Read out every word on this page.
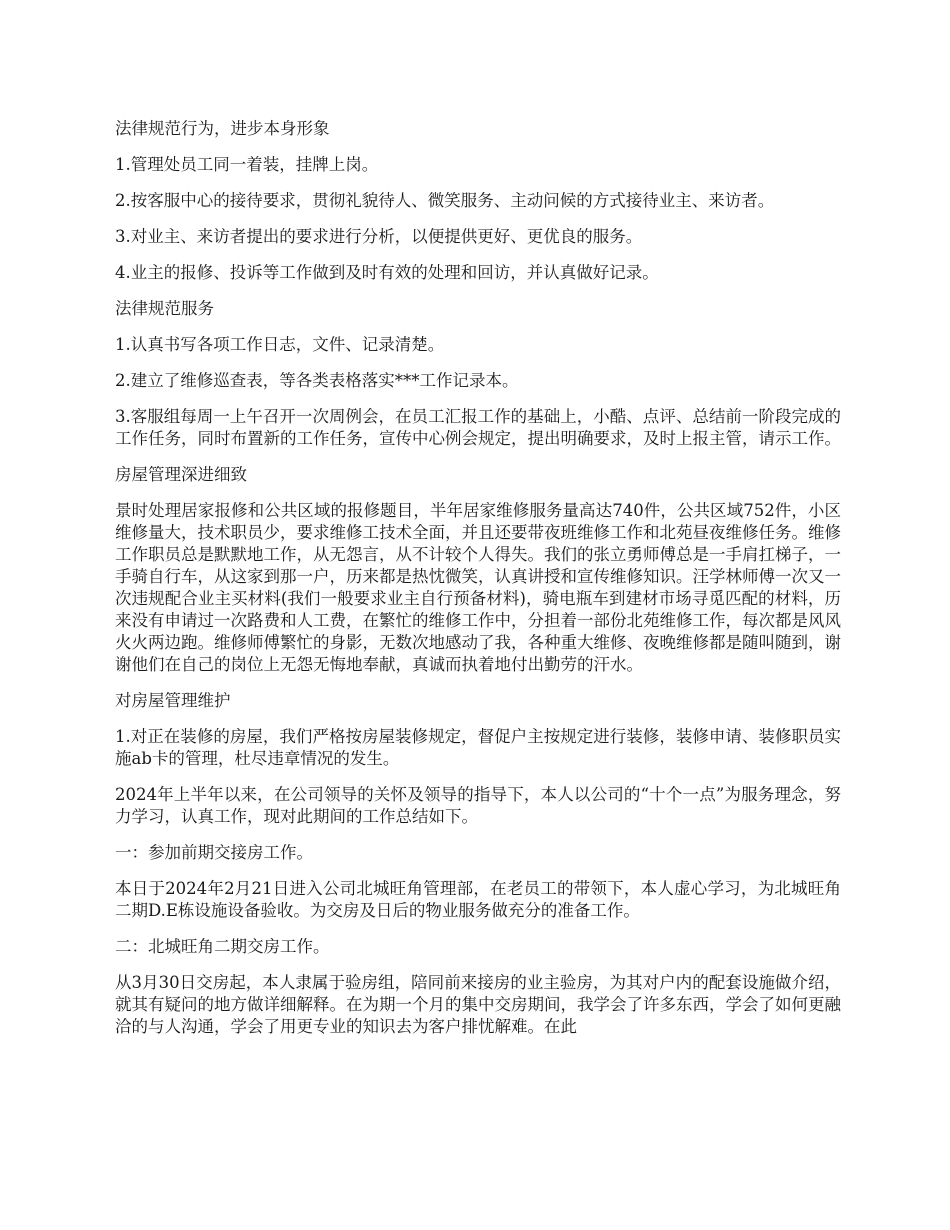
法律规范行为，进步本身形象

1.管理处员工同一着装，挂牌上岗。

2.按客服中心的接待要求，贯彻礼貌待人、微笑服务、主动问候的方式接待业主、来访者。

3.对业主、来访者提出的要求进行分析，以便提供更好、更优良的服务。

4.业主的报修、投诉等工作做到及时有效的处理和回访，并认真做好记录。

法律规范服务

1.认真书写各项工作日志，文件、记录清楚。

2.建立了维修巡查表，等各类表格落实***工作记录本。

3.客服组每周一上午召开一次周例会，在员工汇报工作的基础上，小酷、点评、总结前一阶段完成的工作任务，同时布置新的工作任务，宣传中心例会规定，提出明确要求，及时上报主管，请示工作。

房屋管理深进细致

景时处理居家报修和公共区域的报修题目，半年居家维修服务量高达740件，公共区域752件，小区维修量大，技术职员少，要求维修工技术全面，并且还要带夜班维修工作和北苑昼夜维修任务。维修工作职员总是默默地工作，从无怨言，从不计较个人得失。我们的张立勇师傅总是一手肩扛梯子，一手骑自行车，从这家到那一户，历来都是热忱微笑，认真讲授和宣传维修知识。汪学林师傅一次又一次违规配合业主买材料(我们一般要求业主自行预备材料)，骑电瓶车到建材市场寻觅匹配的材料，历来没有申请过一次路费和人工费，在繁忙的维修工作中，分担着一部份北苑维修工作，每次都是风风火火两边跑。维修师傅繁忙的身影，无数次地感动了我，各种重大维修、夜晚维修都是随叫随到，谢谢他们在自己的岗位上无怨无悔地奉献，真诚而执着地付出勤劳的汗水。

对房屋管理维护

1.对正在装修的房屋，我们严格按房屋装修规定，督促户主按规定进行装修，装修申请、装修职员实施ab卡的管理，杜尽违章情况的发生。

2024年上半年以来，在公司领导的关怀及领导的指导下，本人以公司的“十个一点”为服务理念，努力学习，认真工作，现对此期间的工作总结如下。

一：参加前期交接房工作。

本日于2024年2月21日进入公司北城旺角管理部，在老员工的带领下，本人虚心学习，为北城旺角二期D.E栋设施设备验收。为交房及日后的物业服务做充分的准备工作。

二：北城旺角二期交房工作。

从3月30日交房起，本人隶属于验房组，陪同前来接房的业主验房，为其对户内的配套设施做介绍，就其有疑问的地方做详细解释。在为期一个月的集中交房期间，我学会了许多东西，学会了如何更融洽的与人沟通，学会了用更专业的知识去为客户排忧解难。在此
